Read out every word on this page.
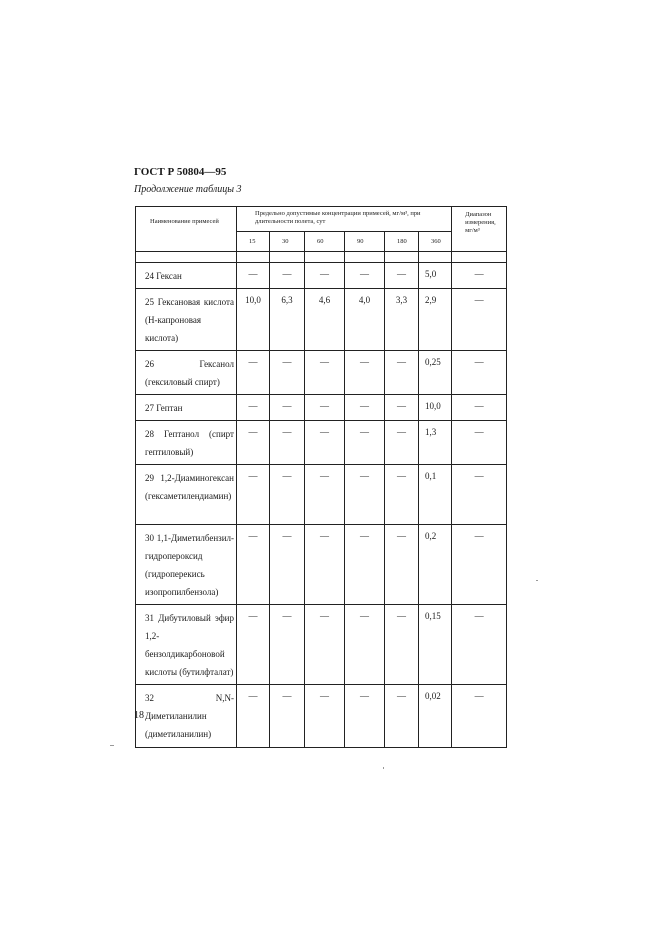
ГОСТ Р 50804—95
Продолжение таблицы 3
Наименование примесей	Предельно допустимые концентрации примесей, мг/м³, при длительности полета, сут						Диапазон измерения, мг/м³
	15	30	60	90	180	360	

24 Гексан	—	—	—	—	—	5,0	—
25 Гексановая кислота (Н-капроновая кислота)	10,0	6,3	4,6	4,0	3,3	2,9	—
26 Гексанол (гексиловый спирт)	—	—	—	—	—	0,25	—
27 Гептан	—	—	—	—	—	10,0	—
28 Гептанол (спирт гептиловый)	—	—	—	—	—	1,3	—
29 1,2-Диаминогексан (гексаметилендиамин)	—	—	—	—	—	0,1	—
30 1,1-Диметилбензил-гидропероксид (гидроперекись изопропилбензола)	—	—	—	—	—	0,2	—
31 Дибутиловый эфир 1,2-бензолдикарбоновой кислоты (бутилфталат)	—	—	—	—	—	0,15	—
32 N,N-Диметиланилин (диметиланилин)	—	—	—	—	—	0,02	—
18
